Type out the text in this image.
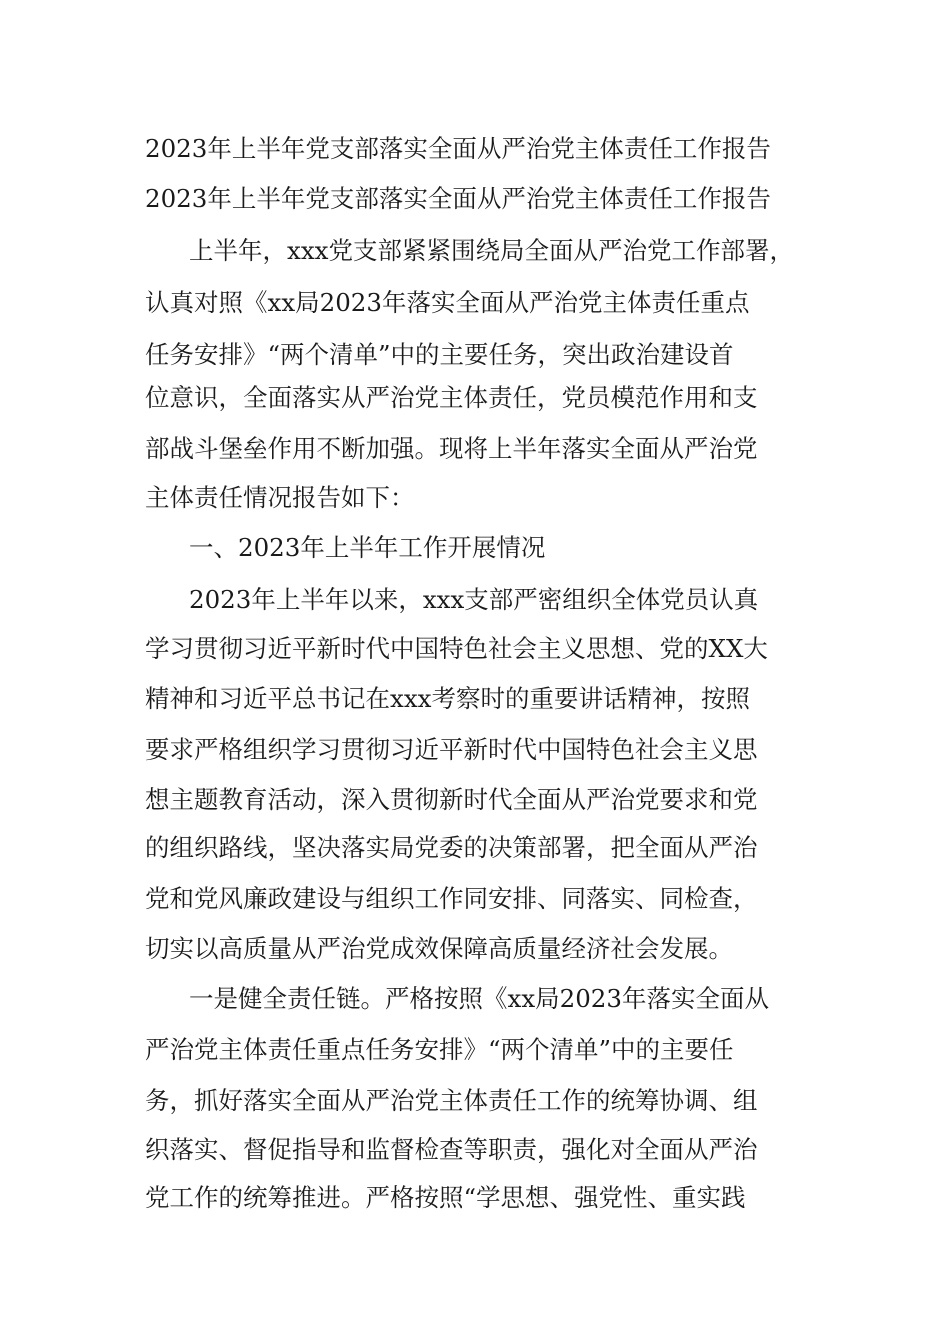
2023年上半年党支部落实全面从严治党主体责任工作报告

2023年上半年党支部落实全面从严治党主体责任工作报告

上半年，xxx党支部紧紧围绕局全面从严治党工作部署，

认真对照《xx局2023年落实全面从严治党主体责任重点

任务安排》“两个清单”中的主要任务，突出政治建设首

位意识，全面落实从严治党主体责任，党员模范作用和支

部战斗堡垒作用不断加强。现将上半年落实全面从严治党

主体责任情况报告如下：

一、2023年上半年工作开展情况

2023年上半年以来，xxx支部严密组织全体党员认真

学习贯彻习近平新时代中国特色社会主义思想、党的XX大

精神和习近平总书记在xxx考察时的重要讲话精神，按照

要求严格组织学习贯彻习近平新时代中国特色社会主义思

想主题教育活动，深入贯彻新时代全面从严治党要求和党

的组织路线，坚决落实局党委的决策部署，把全面从严治

党和党风廉政建设与组织工作同安排、同落实、同检查，

切实以高质量从严治党成效保障高质量经济社会发展。

一是健全责任链。严格按照《xx局2023年落实全面从

严治党主体责任重点任务安排》“两个清单”中的主要任

务，抓好落实全面从严治党主体责任工作的统筹协调、组

织落实、督促指导和监督检查等职责，强化对全面从严治

党工作的统筹推进。严格按照“学思想、强党性、重实践
